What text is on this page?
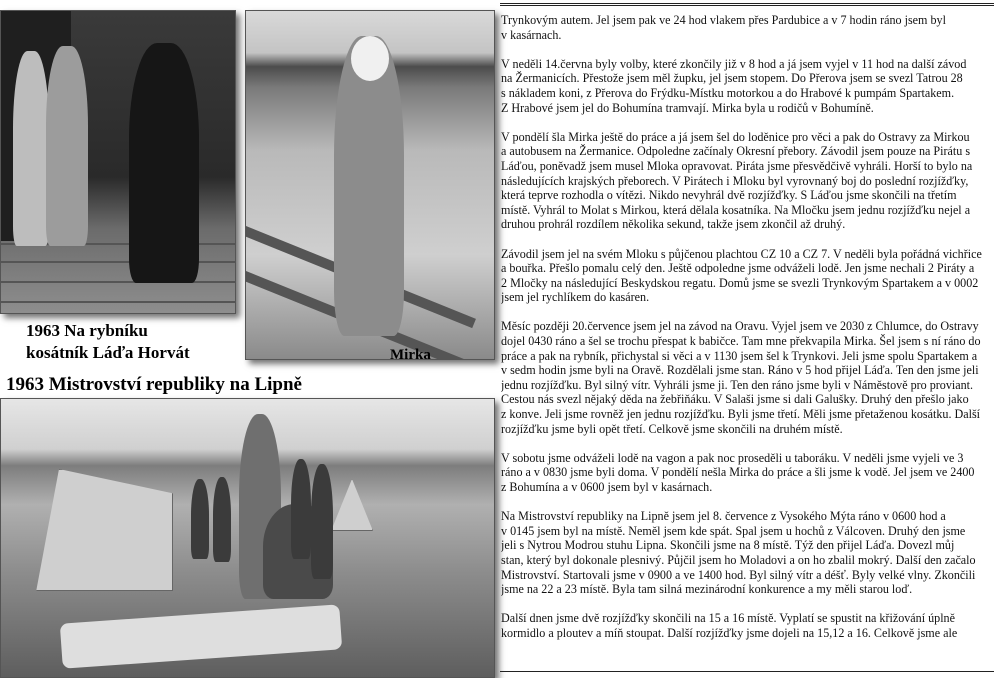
1963 Na rybníku
kosátník Láďa Horvát	Mirka
1963 Mistrovství republiky na Lipně

Trynkovým autem. Jel jsem pak ve 24 hod vlakem přes Pardubice a v 7 hodin ráno jsem byl
v kasárnach.

V neděli 14.června byly volby, které zkončily již v 8 hod a já jsem vyjel v 11 hod na další závod
na Žermanicích. Přestože jsem měl župku, jel jsem stopem. Do Přerova jsem se svezl Tatrou 28
s nákladem koni, z Přerova do Frýdku-Místku motorkou a do Hrabové k pumpám Spartakem.
Z Hrabové jsem jel do Bohumína tramvají. Mirka byla u rodičů v Bohumíně.

V pondělí šla Mirka ještě do práce a já jsem šel do loděnice pro věci a pak do Ostravy za Mirkou
a autobusem na Žermanice. Odpoledne začínaly Okresní přebory. Závodil jsem pouze na Pirátu s
Láďou, poněvadž jsem musel Mloka opravovat. Piráta jsme přesvědčivě vyhráli. Horší to bylo na
následujících krajských přeborech. V Pirátech i Mloku byl vyrovnaný boj do poslední rozjížďky,
která teprve rozhodla o vítězi. Nikdo nevyhrál dvě rozjížďky. S Láďou jsme skončili na třetím
místě. Vyhrál to Molat s Mirkou, která dělala kosatníka. Na Mločku jsem jednu rozjížďku nejel a
druhou prohrál rozdílem několika sekund, takže jsem zkončil až druhý.

Závodil jsem jel na svém Mloku s půjčenou plachtou CZ 10 a CZ 7. V neděli byla pořádná vichřice
a bouřka. Přešlo pomalu celý den. Ještě odpoledne jsme odváželi lodě. Jen jsme nechali 2 Piráty a
2 Mločky na následující Beskydskou regatu. Domů jsme se svezli Trynkovým Spartakem a v 0002
jsem jel rychlíkem do kasáren.

Měsíc později 20.července jsem jel na závod na Oravu. Vyjel jsem ve 2030 z Chlumce, do Ostravy
dojel 0430 ráno a šel se trochu přespat k babičce. Tam mne překvapila Mirka. Šel jsem s ní ráno do
práce a pak na rybník, přichystal si věci a v 1130 jsem šel k Trynkovi. Jeli jsme spolu Spartakem a
v sedm hodin jsme byli na Oravě. Rozdělali jsme stan. Ráno v 5 hod přijel Láďa. Ten den jsme jeli
jednu rozjížďku. Byl silný vítr. Vyhráli jsme ji. Ten den ráno jsme byli v Náměstově pro proviant.
Cestou nás svezl nějaký děda na žebřiňáku. V Salaši jsme si dali Galušky. Druhý den přešlo jako
z konve. Jeli jsme rovněž jen jednu rozjížďku. Byli jsme třetí. Měli jsme přetaženou kosátku. Další
rozjížďku jsme byli opět třetí. Celkově jsme skončili na druhém místě.

V sobotu jsme odváželi lodě na vagon a pak noc proseděli u taboráku. V neděli jsme vyjeli ve 3
ráno a v 0830 jsme byli doma. V pondělí nešla Mirka do práce a šli jsme k vodě. Jel jsem ve 2400
z Bohumína a v 0600 jsem byl v kasárnach.

Na Mistrovství republiky na Lipně jsem jel 8. července z Vysokého Mýta ráno v 0600 hod a
v 0145 jsem byl na místě. Neměl jsem kde spát. Spal jsem u hochů z Válcoven. Druhý den jsme
jeli s Nytrou Modrou stuhu Lipna. Skončili jsme na 8 místě. Týž den přijel Láďa. Dovezl můj
stan, který byl dokonale plesnivý. Půjčil jsem ho Moladovi a on ho zbalil mokrý. Další den začalo
Mistrovství. Startovali jsme v 0900 a ve 1400 hod. Byl silný vítr a déšť. Byly velké vlny. Zkončili
jsme na 22 a 23 místě. Byla tam silná mezinárodní konkurence a my měli starou loď.

Další dnen jsme dvě rozjížďky skončili na 15 a 16 místě. Vyplatí se spustit na křižování úplně
kormidlo a ploutev a míň stoupat. Další rozjížďky jsme dojeli na 15,12 a 16. Celkově jsme ale
